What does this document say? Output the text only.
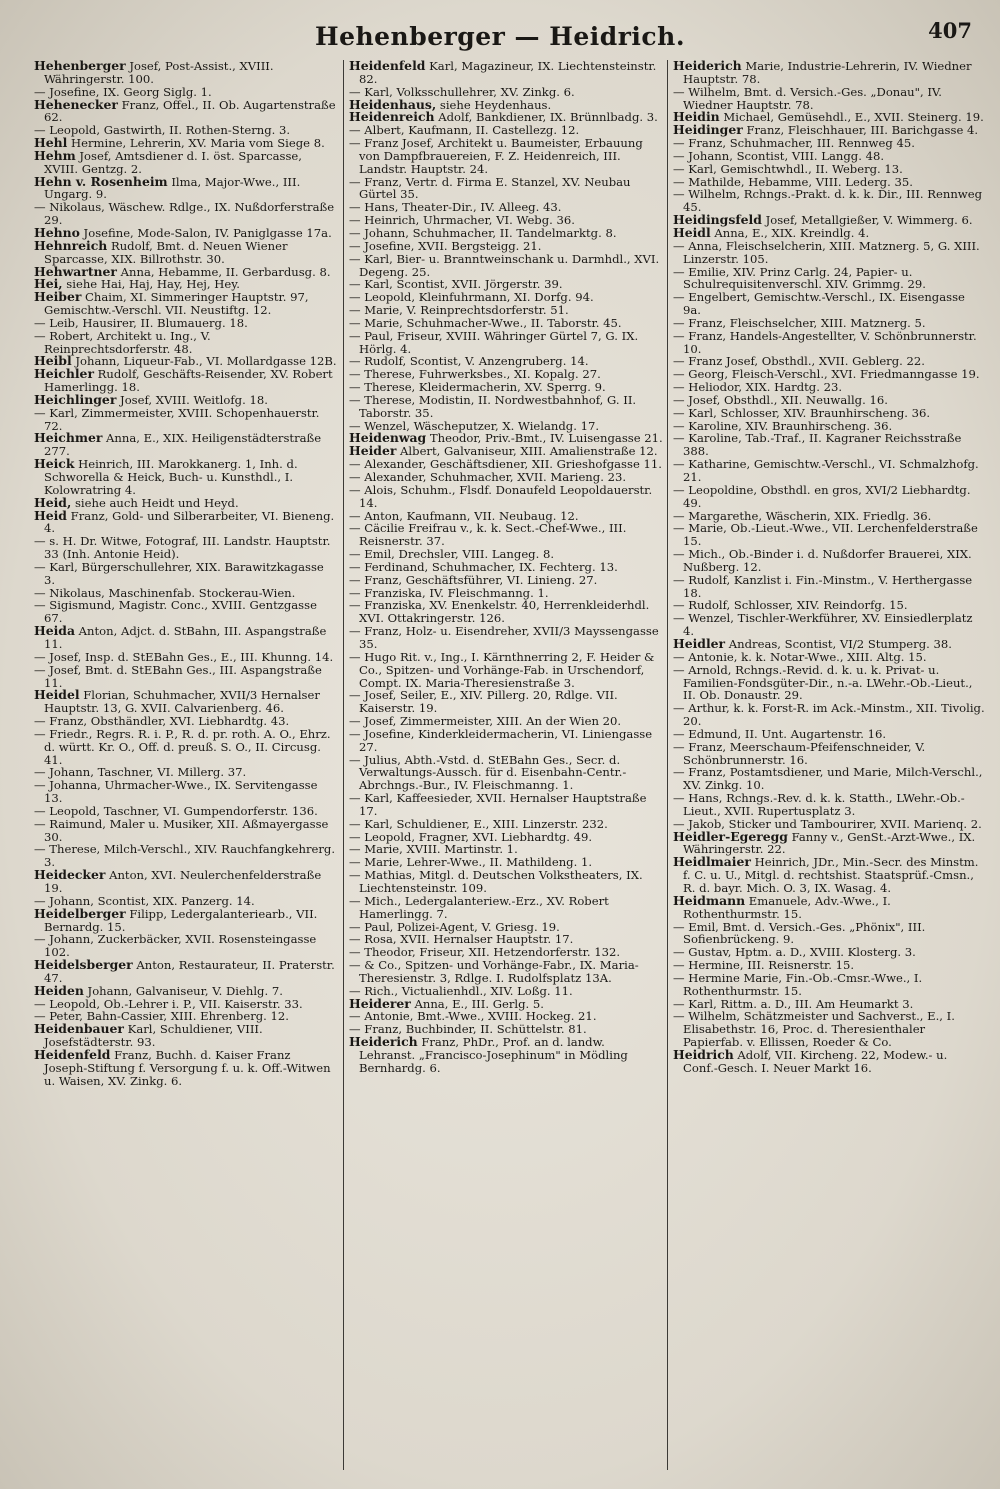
Hehenberger — Heidrich.	407

Hehenberger Josef, Post-Assist., XVIII. Währingerstr. 100.

— Josefine, IX. Georg Siglg. 1.

Hehenecker Franz, Offel., II. Ob. Augartenstraße 62.

— Leopold, Gastwirth, II. Rothen-Sterng. 3.

Hehl Hermine, Lehrerin, XV. Maria vom Siege 8.

Hehm Josef, Amtsdiener d. I. öst. Sparcasse, XVIII. Gentzg. 2.

Hehn v. Rosenheim Ilma, Major-Wwe., III. Ungarg. 9.

— Nikolaus, Wäschew. Rdlge., IX. Nußdorferstraße 29.

Hehno Josefine, Mode-Salon, IV. Paniglgasse 17a.

Hehnreich Rudolf, Bmt. d. Neuen Wiener Sparcasse, XIX. Billrothstr. 30.

Hehwartner Anna, Hebamme, II. Gerbardusg. 8.

Hei, siehe Hai, Haj, Hay, Hej, Hey.

Heiber Chaim, XI. Simmeringer Hauptstr. 97, Gemischtw.-Verschl. VII. Neustiftg. 12.

— Leib, Hausirer, II. Blumauerg. 18.

— Robert, Architekt u. Ing., V. Reinprechtsdorferstr. 48.

Heibl Johann, Liqueur-Fab., VI. Mollardgasse 12B.

Heichler Rudolf, Geschäfts-Reisender, XV. Robert Hamerlingg. 18.

Heichlinger Josef, XVIII. Weitlofg. 18.

— Karl, Zimmermeister, XVIII. Schopenhauerstr. 72.

Heichmer Anna, E., XIX. Heiligenstädterstraße 277.

Heick Heinrich, III. Marokkanerg. 1, Inh. d. Schworella & Heick, Buch- u. Kunsthdl., I. Kolowratring 4.

Heid, siehe auch Heidt und Heyd.

Heid Franz, Gold- und Silberarbeiter, VI. Bieneng. 4.

— s. H. Dr. Witwe, Fotograf, III. Landstr. Hauptstr. 33 (Inh. Antonie Heid).

— Karl, Bürgerschullehrer, XIX. Barawitzkagasse 3.

— Nikolaus, Maschinenfab. Stockerau-Wien.

— Sigismund, Magistr. Conc., XVIII. Gentzgasse 67.

Heida Anton, Adjct. d. StBahn, III. Aspangstraße 11.

— Josef, Insp. d. StEBahn Ges., E., III. Khunng. 14.

— Josef, Bmt. d. StEBahn Ges., III. Aspangstraße 11.

Heidel Florian, Schuhmacher, XVII/3 Hernalser Hauptstr. 13, G. XVII. Calvarienberg. 46.

— Franz, Obsthändler, XVI. Liebhardtg. 43.

— Friedr., Regrs. R. i. P., R. d. pr. roth. A. O., Ehrz. d. württ. Kr. O., Off. d. preuß. S. O., II. Circusg. 41.

— Johann, Taschner, VI. Millerg. 37.

— Johanna, Uhrmacher-Wwe., IX. Servitengasse 13.

— Leopold, Taschner, VI. Gumpendorferstr. 136.

— Raimund, Maler u. Musiker, XII. Aßmayergasse 30.

— Therese, Milch-Verschl., XIV. Rauchfangkehrerg. 3.

Heidecker Anton, XVI. Neulerchenfelderstraße 19.

— Johann, Scontist, XIX. Panzerg. 14.

Heidelberger Filipp, Ledergalanteriearb., VII. Bernardg. 15.

— Johann, Zuckerbäcker, XVII. Rosensteingasse 102.

Heidelsberger Anton, Restaurateur, II. Praterstr. 47.

Heiden Johann, Galvaniseur, V. Diehlg. 7.

— Leopold, Ob.-Lehrer i. P., VII. Kaiserstr. 33.

— Peter, Bahn-Cassier, XIII. Ehrenberg. 12.

Heidenbauer Karl, Schuldiener, VIII. Josefstädterstr. 93.

Heidenfeld Franz, Buchh. d. Kaiser Franz Joseph-Stiftung f. Versorgung f. u. k. Off.-Witwen u. Waisen, XV. Zinkg. 6.

Heidenfeld Karl, Magazineur, IX. Liechtensteinstr. 82.

— Karl, Volksschullehrer, XV. Zinkg. 6.

Heidenhaus, siehe Heydenhaus.

Heidenreich Adolf, Bankdiener, IX. Brünnlbadg. 3.

— Albert, Kaufmann, II. Castellezg. 12.

— Franz Josef, Architekt u. Baumeister, Erbauung von Dampfbrauereien, F. Z. Heidenreich, III. Landstr. Hauptstr. 24.

— Franz, Vertr. d. Firma E. Stanzel, XV. Neubau Gürtel 35.

— Hans, Theater-Dir., IV. Alleeg. 43.

— Heinrich, Uhrmacher, VI. Webg. 36.

— Johann, Schuhmacher, II. Tandelmarktg. 8.

— Josefine, XVII. Bergsteigg. 21.

— Karl, Bier- u. Branntweinschank u. Darmhdl., XVI. Degeng. 25.

— Karl, Scontist, XVII. Jörgerstr. 39.

— Leopold, Kleinfuhrmann, XI. Dorfg. 94.

— Marie, V. Reinprechtsdorferstr. 51.

— Marie, Schuhmacher-Wwe., II. Taborstr. 45.

— Paul, Friseur, XVIII. Währinger Gürtel 7, G. IX. Hörlg. 4.

— Rudolf, Scontist, V. Anzengruberg. 14.

— Therese, Fuhrwerksbes., XI. Kopalg. 27.

— Therese, Kleidermacherin, XV. Sperrg. 9.

— Therese, Modistin, II. Nordwestbahnhof, G. II. Taborstr. 35.

— Wenzel, Wäscheputzer, X. Wielandg. 17.

Heidenwag Theodor, Priv.-Bmt., IV. Luisengasse 21.

Heider Albert, Galvaniseur, XIII. Amalienstraße 12.

— Alexander, Geschäftsdiener, XII. Grieshofgasse 11.

— Alexander, Schuhmacher, XVII. Marieng. 23.

— Alois, Schuhm., Flsdf. Donaufeld Leopoldauerstr. 14.

— Anton, Kaufmann, VII. Neubaug. 12.

— Cäcilie Freifrau v., k. k. Sect.-Chef-Wwe., III. Reisnerstr. 37.

— Emil, Drechsler, VIII. Langeg. 8.

— Ferdinand, Schuhmacher, IX. Fechterg. 13.

— Franz, Geschäftsführer, VI. Linieng. 27.

— Franziska, IV. Fleischmanng. 1.

— Franziska, XV. Enenkelstr. 40, Herrenkleiderhdl. XVI. Ottakringerstr. 126.

— Franz, Holz- u. Eisendreher, XVII/3 Mayssengasse 35.

— Hugo Rit. v., Ing., I. Kärnthnerring 2, F. Heider & Co., Spitzen- und Vorhänge-Fab. in Urschendorf, Compt. IX. Maria-Theresienstraße 3.

— Josef, Seiler, E., XIV. Pillerg. 20, Rdlge. VII. Kaiserstr. 19.

— Josef, Zimmermeister, XIII. An der Wien 20.

— Josefine, Kinderkleidermacherin, VI. Liniengasse 27.

— Julius, Abth.-Vstd. d. StEBahn Ges., Secr. d. Verwaltungs-Aussch. für d. Eisenbahn-Centr.-Abrchngs.-Bur., IV. Fleischmanng. 1.

— Karl, Kaffeesieder, XVII. Hernalser Hauptstraße 17.

— Karl, Schuldiener, E., XIII. Linzerstr. 232.

— Leopold, Fragner, XVI. Liebhardtg. 49.

— Marie, XVIII. Martinstr. 1.

— Marie, Lehrer-Wwe., II. Mathildeng. 1.

— Mathias, Mitgl. d. Deutschen Volkstheaters, IX. Liechtensteinstr. 109.

— Mich., Ledergalanteriew.-Erz., XV. Robert Hamerlingg. 7.

— Paul, Polizei-Agent, V. Griesg. 19.

— Rosa, XVII. Hernalser Hauptstr. 17.

— Theodor, Friseur, XII. Hetzendorferstr. 132.

— & Co., Spitzen- und Vorhänge-Fabr., IX. Maria-Theresienstr. 3, Rdlge. I. Rudolfsplatz 13A.

— Rich., Victualienhdl., XIV. Loßg. 11.

Heiderer Anna, E., III. Gerlg. 5.

— Antonie, Bmt.-Wwe., XVIII. Hockeg. 21.

— Franz, Buchbinder, II. Schüttelstr. 81.

Heiderich Franz, PhDr., Prof. an d. landw. Lehranst. „Francisco-Josephinum" in Mödling Bernhardg. 6.

Heiderich Marie, Industrie-Lehrerin, IV. Wiedner Hauptstr. 78.

— Wilhelm, Bmt. d. Versich.-Ges. „Donau", IV. Wiedner Hauptstr. 78.

Heidin Michael, Gemüsehdl., E., XVII. Steinerg. 19.

Heidinger Franz, Fleischhauer, III. Barichgasse 4.

— Franz, Schuhmacher, III. Rennweg 45.

— Johann, Scontist, VIII. Langg. 48.

— Karl, Gemischtwhdl., II. Weberg. 13.

— Mathilde, Hebamme, VIII. Lederg. 35.

— Wilhelm, Rchngs.-Prakt. d. k. k. Dir., III. Rennweg 45.

Heidingsfeld Josef, Metallgießer, V. Wimmerg. 6.

Heidl Anna, E., XIX. Kreindlg. 4.

— Anna, Fleischselcherin, XIII. Matznerg. 5, G. XIII. Linzerstr. 105.

— Emilie, XIV. Prinz Carlg. 24, Papier- u. Schulrequisitenverschl. XIV. Grimmg. 29.

— Engelbert, Gemischtw.-Verschl., IX. Eisengasse 9a.

— Franz, Fleischselcher, XIII. Matznerg. 5.

— Franz, Handels-Angestellter, V. Schönbrunnerstr. 10.

— Franz Josef, Obsthdl., XVII. Geblerg. 22.

— Georg, Fleisch-Verschl., XVI. Friedmanngasse 19.

— Heliodor, XIX. Hardtg. 23.

— Josef, Obsthdl., XII. Neuwallg. 16.

— Karl, Schlosser, XIV. Braunhirscheng. 36.

— Karoline, XIV. Braunhirscheng. 36.

— Karoline, Tab.-Traf., II. Kagraner Reichsstraße 388.

— Katharine, Gemischtw.-Verschl., VI. Schmalzhofg. 21.

— Leopoldine, Obsthdl. en gros, XVI/2 Liebhardtg. 49.

— Margarethe, Wäscherin, XIX. Friedlg. 36.

— Marie, Ob.-Lieut.-Wwe., VII. Lerchenfelderstraße 15.

— Mich., Ob.-Binder i. d. Nußdorfer Brauerei, XIX. Nußberg. 12.

— Rudolf, Kanzlist i. Fin.-Minstm., V. Herthergasse 18.

— Rudolf, Schlosser, XIV. Reindorfg. 15.

— Wenzel, Tischler-Werkführer, XV. Einsiedlerplatz 4.

Heidler Andreas, Scontist, VI/2 Stumperg. 38.

— Antonie, k. k. Notar-Wwe., XIII. Altg. 15.

— Arnold, Rchngs.-Revid. d. k. u. k. Privat- u. Familien-Fondsgüter-Dir., n.-a. LWehr.-Ob.-Lieut., II. Ob. Donaustr. 29.

— Arthur, k. k. Forst-R. im Ack.-Minstm., XII. Tivolig. 20.

— Edmund, II. Unt. Augartenstr. 16.

— Franz, Meerschaum-Pfeifenschneider, V. Schönbrunnerstr. 16.

— Franz, Postamtsdiener, und Marie, Milch-Verschl., XV. Zinkg. 10.

— Hans, Rchngs.-Rev. d. k. k. Statth., LWehr.-Ob.-Lieut., XVII. Rupertusplatz 3.

— Jakob, Sticker und Tambourirer, XVII. Marienq. 2.

Heidler-Egeregg Fanny v., GenSt.-Arzt-Wwe., IX. Währingerstr. 22.

Heidlmaier Heinrich, JDr., Min.-Secr. des Minstm. f. C. u. U., Mitgl. d. rechtshist. Staatsprüf.-Cmsn., R. d. bayr. Mich. O. 3, IX. Wasag. 4.

Heidmann Emanuele, Adv.-Wwe., I. Rothenthurmstr. 15.

— Emil, Bmt. d. Versich.-Ges. „Phönix", III. Sofienbrückeng. 9.

— Gustav, Hptm. a. D., XVIII. Klosterg. 3.

— Hermine, III. Reisnerstr. 15.

— Hermine Marie, Fin.-Ob.-Cmsr.-Wwe., I. Rothenthurmstr. 15.

— Karl, Rittm. a. D., III. Am Heumarkt 3.

— Wilhelm, Schätzmeister und Sachverst., E., I. Elisabethstr. 16, Proc. d. Theresienthaler Papierfab. v. Ellissen, Roeder & Co.

Heidrich Adolf, VII. Kircheng. 22, Modew.- u. Conf.-Gesch. I. Neuer Markt 16.
